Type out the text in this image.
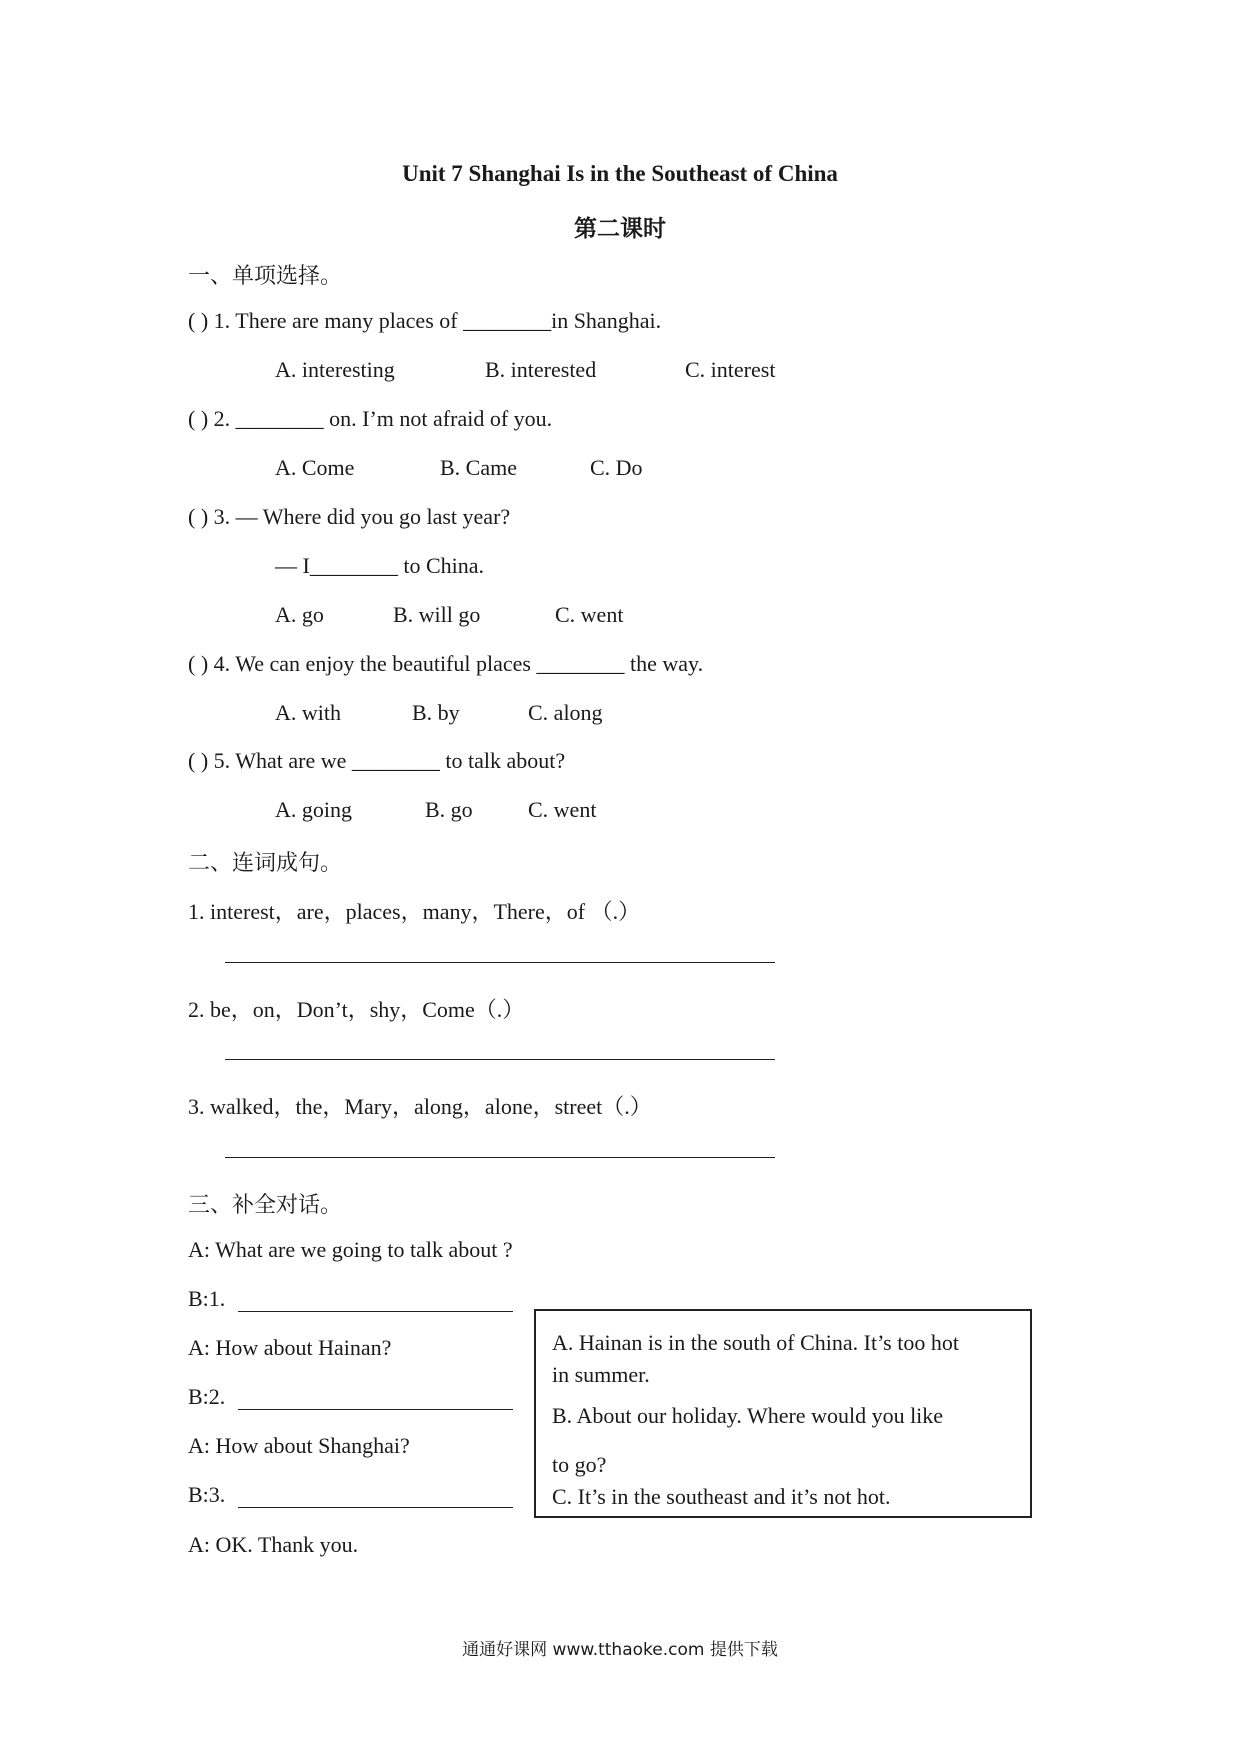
Unit 7 Shanghai Is in the Southeast of China
第二课时
一、单项选择。
( ) 1. There are many places of ________in Shanghai.
A. interesting	B. interested	C. interest
( ) 2. ________ on. I’m not afraid of you.
A. Come	B. Came	C. Do
( ) 3. — Where did you go last year?
— I________ to China.
A. go	B. will go	C. went
( ) 4. We can enjoy the beautiful places ________ the way.
A. with	B. by	C. along
( ) 5. What are we ________ to talk about?
A. going	B. go	C. went
二、连词成句。
1. interest，are，places，many，There，of （.）
2. be，on，Don’t，shy，Come（.）
3. walked，the，Mary，along，alone，street（.）
三、补全对话。
A: What are we going to talk about ?
B:1.
A: How about Hainan?
B:2.
A: How about Shanghai?
B:3.
A: OK. Thank you.

A. Hainan is in the south of China. It’s too hot

in summer.

B. About our holiday. Where would you like

to go?

C. It’s in the southeast and it’s not hot.

通通好课网 www.tthaoke.com 提供下载
